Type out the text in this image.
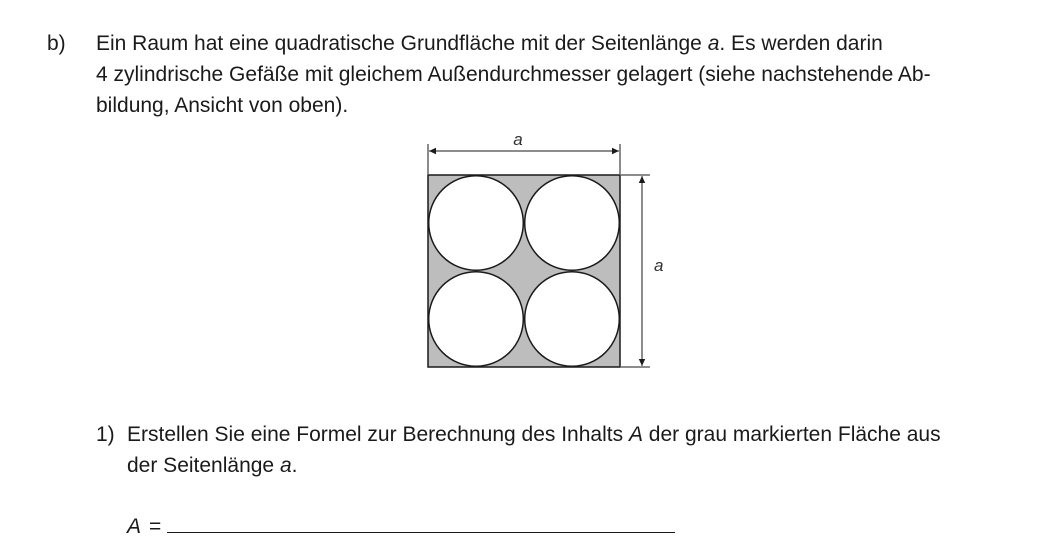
b) Ein Raum hat eine quadratische Grundfläche mit der Seitenlänge a. Es werden darin
4 zylindrische Gefäße mit gleichem Außendurchmesser gelagert (siehe nachstehende Ab-
bildung, Ansicht von oben).
a
a
1) Erstellen Sie eine Formel zur Berechnung des Inhalts A der grau markierten Fläche aus
der Seitenlänge a.
A =
